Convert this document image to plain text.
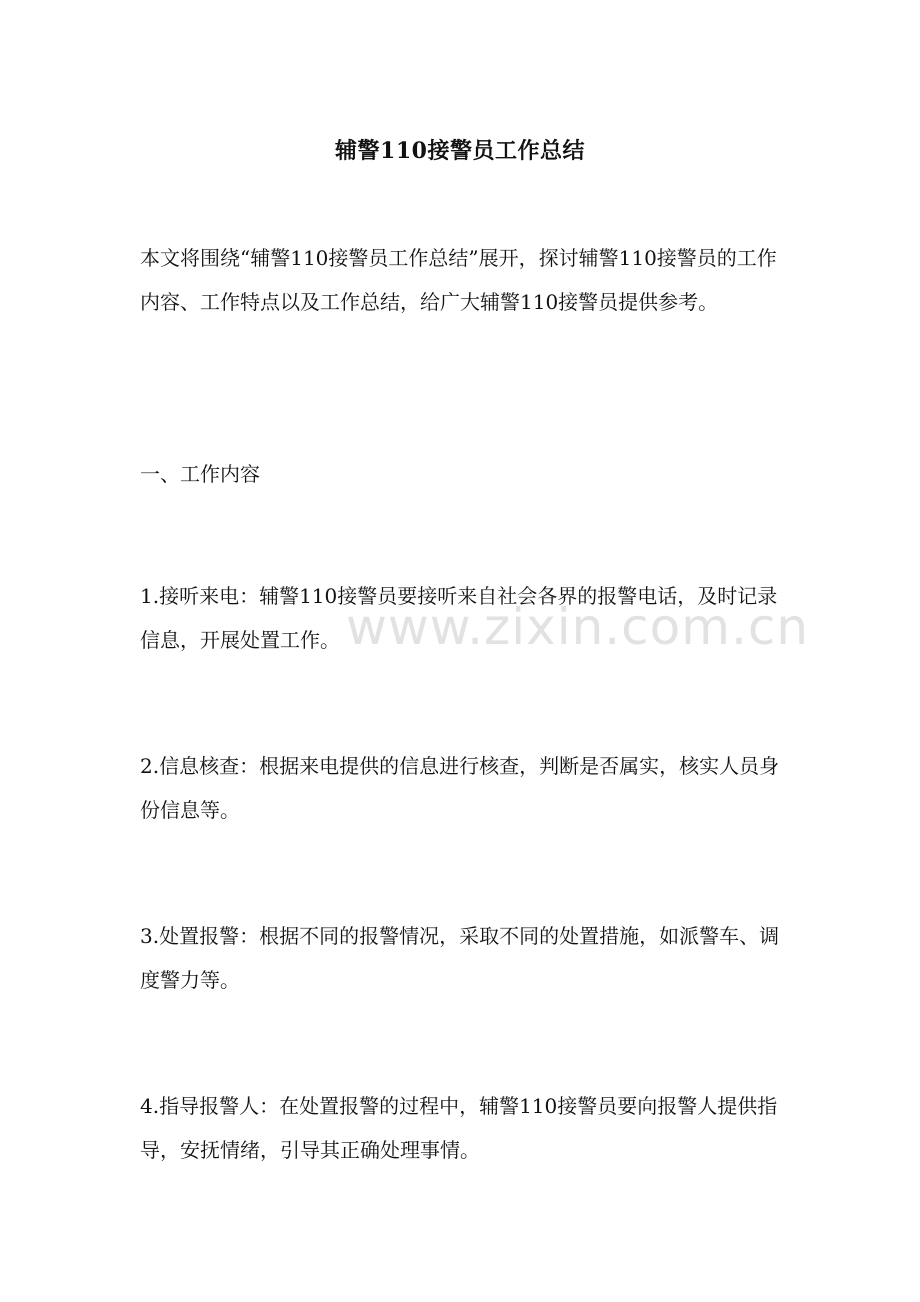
辅警110接警员工作总结

本文将围绕“辅警110接警员工作总结”展开，探讨辅警110接警员的工作内容、工作特点以及工作总结，给广大辅警110接警员提供参考。

一、工作内容

1.接听来电：辅警110接警员要接听来自社会各界的报警电话，及时记录信息，开展处置工作。

2.信息核查：根据来电提供的信息进行核查，判断是否属实，核实人员身份信息等。

3.处置报警：根据不同的报警情况，采取不同的处置措施，如派警车、调度警力等。

4.指导报警人：在处置报警的过程中，辅警110接警员要向报警人提供指导，安抚情绪，引导其正确处理事情。

www.zixin.com.cn
